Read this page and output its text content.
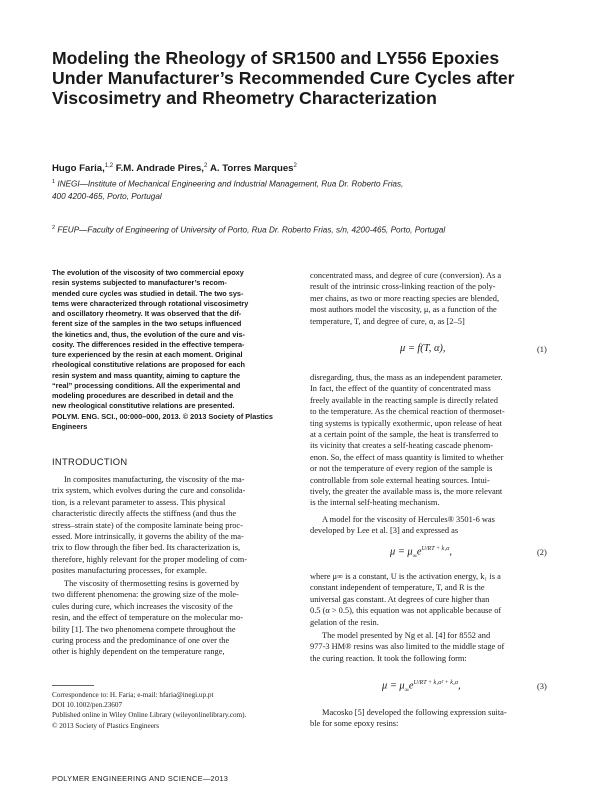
Modeling the Rheology of SR1500 and LY556 Epoxies
Under Manufacturer’s Recommended Cure Cycles after
Viscosimetry and Rheometry Characterization
Hugo Faria,$^{1,2}$ F.M. Andrade Pires,$^2$ A. Torres Marques$^2$
$^1$ INEGI—Institute of Mechanical Engineering and Industrial Management, Rua Dr. Roberto Frias,
400 4200-465, Porto, Portugal
$^2$ FEUP—Faculty of Engineering of University of Porto, Rua Dr. Roberto Frias, s/n, 4200-465, Porto, Portugal
The evolution of the viscosity of two commercial epoxy
resin systems subjected to manufacturer’s recom-
mended cure cycles was studied in detail. The two sys-
tems were characterized through rotational viscosimetry
and oscillatory rheometry. It was observed that the dif-
ferent size of the samples in the two setups influenced
the kinetics and, thus, the evolution of the cure and vis-
cosity. The differences resided in the effective tempera-
ture experienced by the resin at each moment. Original
rheological constitutive relations are proposed for each
resin system and mass quantity, aiming to capture the
“real” processing conditions. All the experimental and
modeling procedures are described in detail and the
new rheological constitutive relations are presented.
POLYM. ENG. SCI., 00:000–000, 2013. © 2013 Society of Plastics
Engineers
INTRODUCTION
In composites manufacturing, the viscosity of the ma-
trix system, which evolves during the cure and consolida-
tion, is a relevant parameter to assess. This physical
characteristic directly affects the stiffness (and thus the
stress–strain state) of the composite laminate being proc-
essed. More intrinsically, it governs the ability of the ma-
trix to flow through the fiber bed. Its characterization is,
therefore, highly relevant for the proper modeling of com-
posites manufacturing processes, for example.
The viscosity of thermosetting resins is governed by
two different phenomena: the growing size of the mole-
cules during cure, which increases the viscosity of the
resin, and the effect of temperature on the molecular mo-
bility [1]. The two phenomena compete throughout the
curing process and the predominance of one over the
other is highly dependent on the temperature range,
Correspondence to: H. Faria; e-mail: hfaria@inegi.up.pt
DOI 10.1002/pen.23607
Published online in Wiley Online Library (wileyonlinelibrary.com).
© 2013 Society of Plastics Engineers
concentrated mass, and degree of cure (conversion). As a
result of the intrinsic cross-linking reaction of the poly-
mer chains, as two or more reacting species are blended,
most authors model the viscosity, μ, as a function of the
temperature, T, and degree of cure, α, as [2–5]
μ = f(T, α),	(1)
disregarding, thus, the mass as an independent parameter.
In fact, the effect of the quantity of concentrated mass
freely available in the reacting sample is directly related
to the temperature. As the chemical reaction of thermoset-
ting systems is typically exothermic, upon release of heat
at a certain point of the sample, the heat is transferred to
its vicinity that creates a self-heating cascade phenom-
enon. So, the effect of mass quantity is limited to whether
or not the temperature of every region of the sample is
controllable from sole external heating sources. Intui-
tively, the greater the available mass is, the more relevant
is the internal self-heating mechanism.
A model for the viscosity of Hercules® 3501-6 was
developed by Lee et al. [3] and expressed as
$\mu = \mu_\infty e^{U/RT + k_1\alpha}$,	(2)
where μ∞ is a constant, U is the activation energy, k₁ is a
constant independent of temperature, T, and R is the
universal gas constant. At degrees of cure higher than
0.5 (α > 0.5), this equation was not applicable because of
gelation of the resin.
The model presented by Ng et al. [4] for 8552 and
977-3 HM® resins was also limited to the middle stage of
the curing reaction. It took the following form:
$\mu = \mu_\infty e^{U/RT + k_1\alpha^2 + k_2\alpha}$,	(3)
Macosko [5] developed the following expression suita-
ble for some epoxy resins:
POLYMER ENGINEERING AND SCIENCE—2013
